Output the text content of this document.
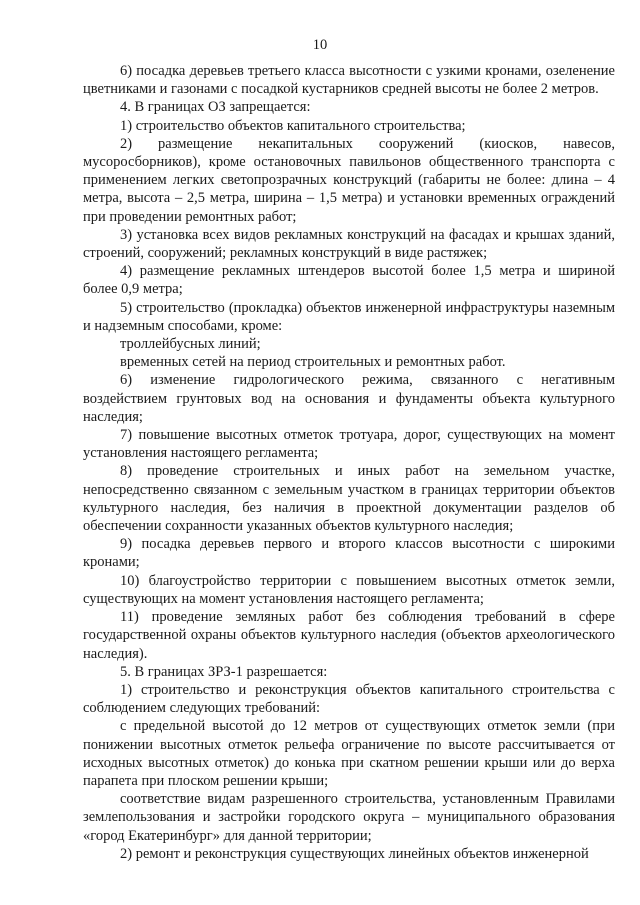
10

6) посадка деревьев третьего класса высотности с узкими кронами, озеленение цветниками и газонами с посадкой кустарников средней высоты не более 2 метров.

4. В границах ОЗ запрещается:

1) строительство объектов капитального строительства;

2) размещение некапитальных сооружений (киосков, навесов, мусоросборников), кроме остановочных павильонов общественного транспорта с применением легких светопрозрачных конструкций (габариты не более: длина – 4 метра, высота – 2,5 метра, ширина – 1,5 метра) и установки временных ограждений при проведении ремонтных работ;

3) установка всех видов рекламных конструкций на фасадах и крышах зданий, строений, сооружений; рекламных конструкций в виде растяжек;

4) размещение рекламных штендеров высотой более 1,5 метра и шириной более 0,9 метра;

5) строительство (прокладка) объектов инженерной инфраструктуры наземным и надземным способами, кроме:

троллейбусных линий;

временных сетей на период строительных и ремонтных работ.

6) изменение гидрологического режима, связанного с негативным воздействием грунтовых вод на основания и фундаменты объекта культурного наследия;

7) повышение высотных отметок тротуара, дорог, существующих на момент установления настоящего регламента;

8) проведение строительных и иных работ на земельном участке, непосредственно связанном с земельным участком в границах территории объектов культурного наследия, без наличия в проектной документации разделов об обеспечении сохранности указанных объектов культурного наследия;

9) посадка деревьев первого и второго классов высотности с широкими кронами;

10) благоустройство территории с повышением высотных отметок земли, существующих на момент установления настоящего регламента;

11) проведение земляных работ без соблюдения требований в сфере государственной охраны объектов культурного наследия (объектов археологического наследия).

5. В границах ЗРЗ-1 разрешается:

1) строительство и реконструкция объектов капитального строительства с соблюдением следующих требований:

с предельной высотой до 12 метров от существующих отметок земли (при понижении высотных отметок рельефа ограничение по высоте рассчитывается от исходных высотных отметок) до конька при скатном решении крыши или до верха парапета при плоском решении крыши;

соответствие видам разрешенного строительства, установленным Правилами землепользования и застройки городского округа – муниципального образования «город Екатеринбург» для данной территории;

2) ремонт и реконструкция существующих линейных объектов инженерной
